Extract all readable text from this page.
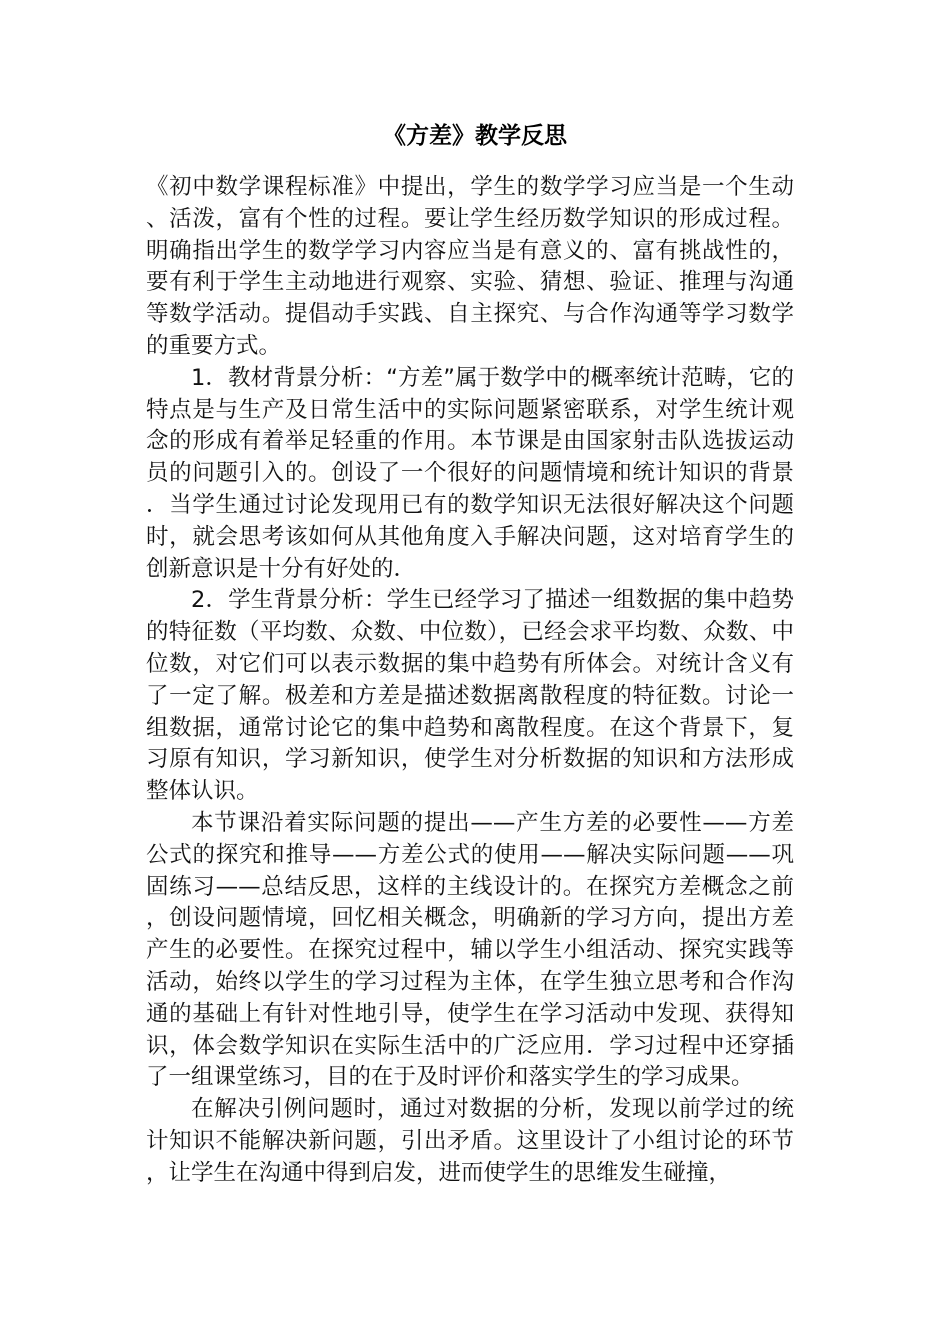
《方差》教学反思

《初中数学课程标准》中提出，学生的数学学习应当是一个生动、活泼，富有个性的过程。要让学生经历数学知识的形成过程。明确指出学生的数学学习内容应当是有意义的、富有挑战性的，要有利于学生主动地进行观察、实验、猜想、验证、推理与沟通等数学活动。提倡动手实践、自主探究、与合作沟通等学习数学的重要方式。

1．教材背景分析：“方差”属于数学中的概率统计范畴，它的特点是与生产及日常生活中的实际问题紧密联系，对学生统计观念的形成有着举足轻重的作用。本节课是由国家射击队选拔运动员的问题引入的。创设了一个很好的问题情境和统计知识的背景．当学生通过讨论发现用已有的数学知识无法很好解决这个问题时，就会思考该如何从其他角度入手解决问题，这对培育学生的创新意识是十分有好处的．

2．学生背景分析：学生已经学习了描述一组数据的集中趋势的特征数（平均数、众数、中位数），已经会求平均数、众数、中位数，对它们可以表示数据的集中趋势有所体会。对统计含义有了一定了解。极差和方差是描述数据离散程度的特征数。讨论一组数据，通常讨论它的集中趋势和离散程度。在这个背景下，复习原有知识，学习新知识，使学生对分析数据的知识和方法形成整体认识。

本节课沿着实际问题的提出——产生方差的必要性——方差公式的探究和推导——方差公式的使用——解决实际问题——巩固练习——总结反思，这样的主线设计的。在探究方差概念之前，创设问题情境，回忆相关概念，明确新的学习方向，提出方差产生的必要性。在探究过程中，辅以学生小组活动、探究实践等活动，始终以学生的学习过程为主体，在学生独立思考和合作沟通的基础上有针对性地引导，使学生在学习活动中发现、获得知识，体会数学知识在实际生活中的广泛应用．学习过程中还穿插了一组课堂练习，目的在于及时评价和落实学生的学习成果。

在解决引例问题时，通过对数据的分析，发现以前学过的统计知识不能解决新问题，引出矛盾。这里设计了小组讨论的环节，让学生在沟通中得到启发，进而使学生的思维发生碰撞，
